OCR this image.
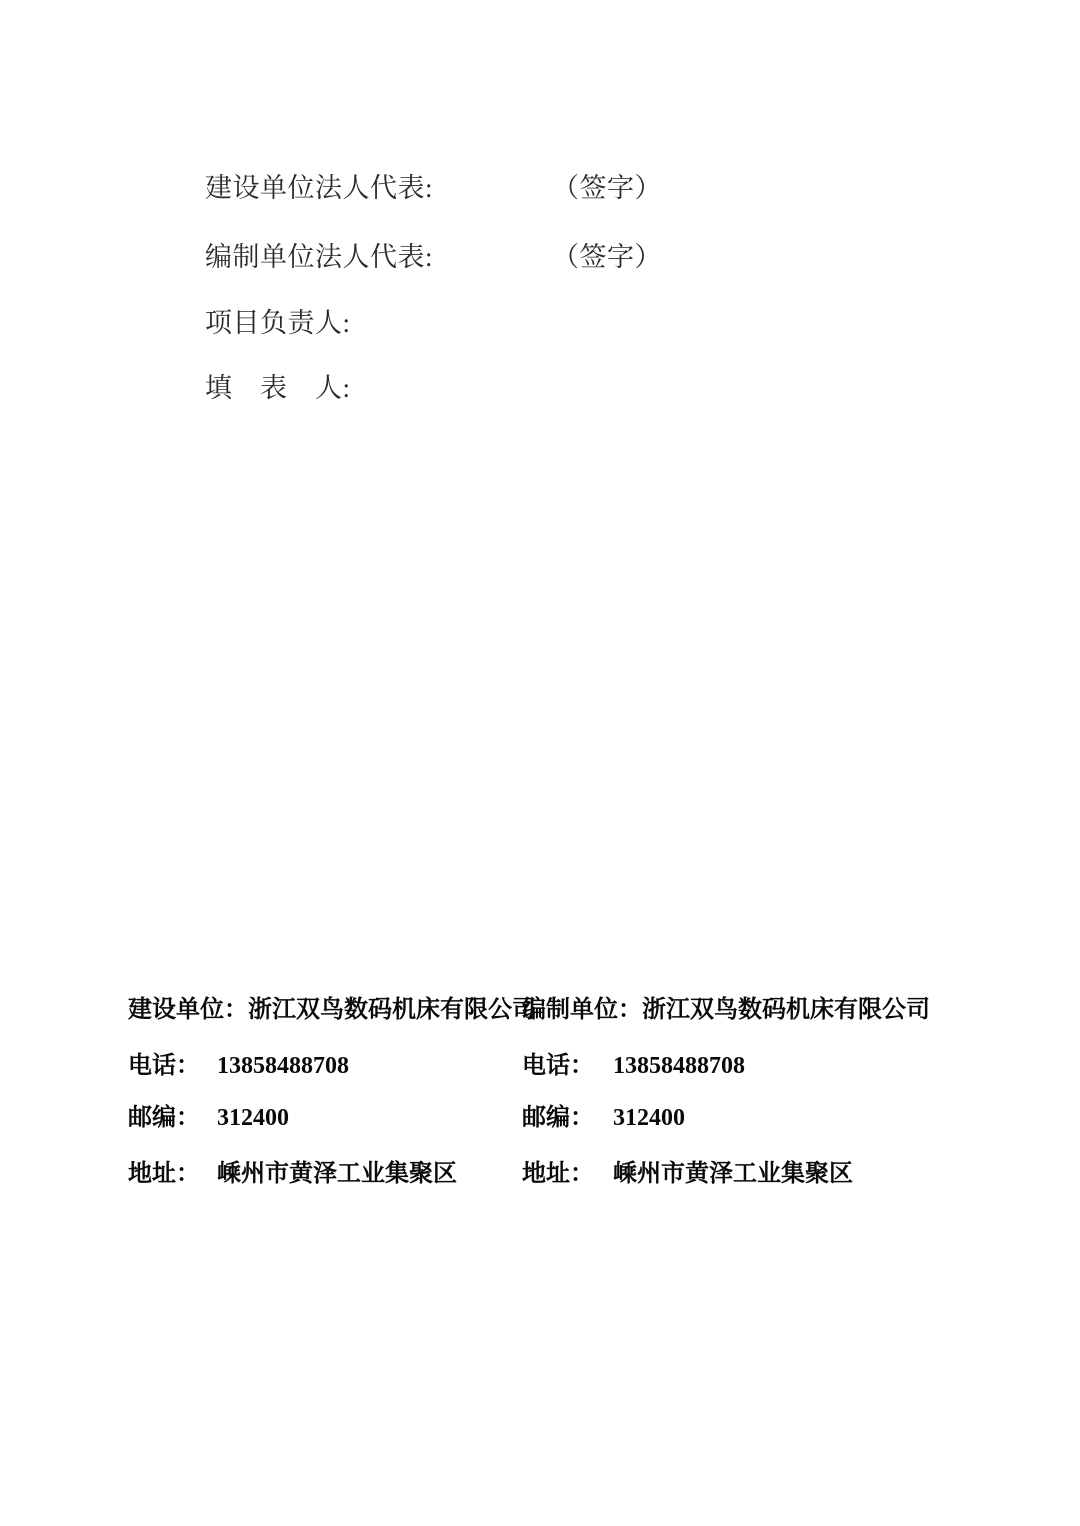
建设单位法人代表:	（签字）
编制单位法人代表:	（签字）
项目负责人:
填　表　人:
建设单位：浙江双鸟数码机床有限公司
电话： 13858488708
邮编： 312400
地址： 嵊州市黄泽工业集聚区
编制单位：浙江双鸟数码机床有限公司
电话： 13858488708
邮编： 312400
地址： 嵊州市黄泽工业集聚区
